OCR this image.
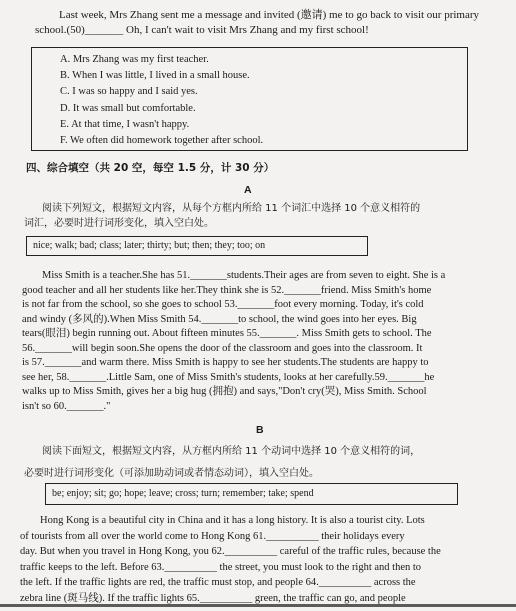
Last week, Mrs Zhang sent me a message and invited (邀请) me to go back to visit our primary
school.(50)_______ Oh, I can't wait to visit Mrs Zhang and my first school!
A. Mrs Zhang was my first teacher.
B. When I was little, I lived in a small house.
C. I was so happy and I said yes.
D. It was small but comfortable.
E. At that time, I wasn't happy.
F. We often did homework together after school.
四、综合填空（共 20 空，每空 1.5 分，计 30 分）
A
阅读下列短文，根据短文内容，从每个方框内所给 11 个词汇中选择 10 个意义相符的
词汇，必要时进行词形变化，填入空白处。
nice; walk; bad; class; later; thirty; but; then; they; too; on
Miss Smith is a teacher.She has 51._______students.Their ages are from seven to eight. She is a
good teacher and all her students like her.They think she is 52._______friend. Miss Smith's home
is not far from the school, so she goes to school 53._______foot every morning. Today, it's cold
and windy (多风的).When Miss Smith 54._______to school, the wind goes into her eyes. Big
tears(眼泪) begin running out. About fifteen minutes 55._______. Miss Smith gets to school. The
56._______will begin soon.She opens the door of the classroom and goes into the classroom. It
is 57._______and warm there. Miss Smith is happy to see her students.The students are happy to
see her, 58._______.Little Sam, one of Miss Smith's students, looks at her carefully.59._______he
walks up to Miss Smith, gives her a big hug (拥抱) and says,"Don't cry(哭), Miss Smith. School
isn't so 60._______."
B
阅读下面短文，根据短文内容，从方框内所给 11 个动词中选择 10 个意义相符的词，
必要时进行词形变化（可添加助动词或者情态动词），填入空白处。
be; enjoy; sit; go; hope; leave; cross; turn; remember; take; spend
Hong Kong is a beautiful city in China and it has a long history. It is also a tourist city. Lots
of tourists from all over the world come to Hong Kong 61.__________ their holidays every
day. But when you travel in Hong Kong, you 62.__________ careful of the traffic rules, because the
traffic keeps to the left. Before 63.__________ the street, you must look to the right and then to
the left. If the traffic lights are red, the traffic must stop, and people 64.__________ across the
zebra line (斑马线). If the traffic lights 65.__________ green, the traffic can go, and people
